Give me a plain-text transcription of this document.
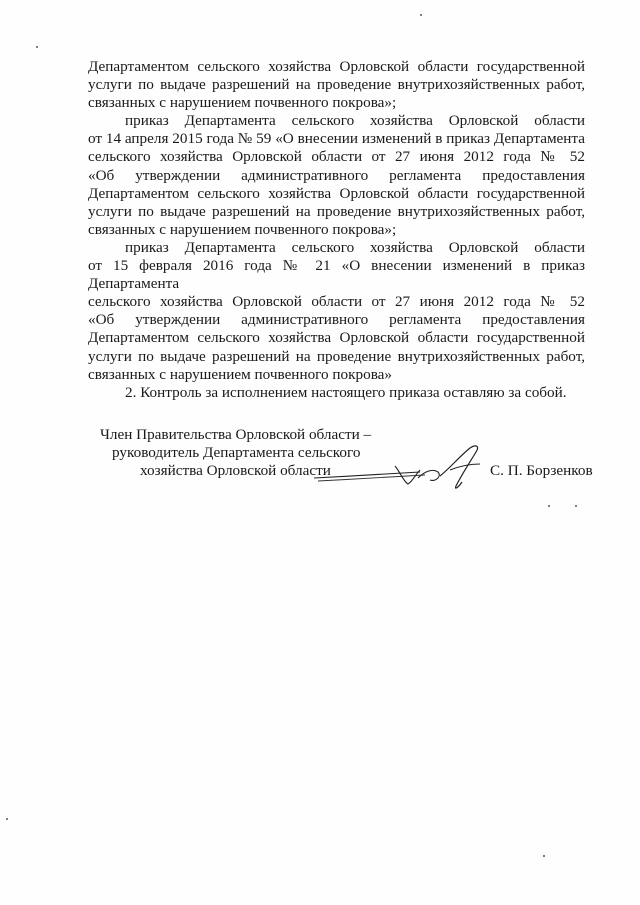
Департаментом сельского хозяйства Орловской области государственной
услуги по выдаче разрешений на проведение внутрихозяйственных работ,
связанных с нарушением почвенного покрова»;
приказ Департамента сельского хозяйства Орловской области
от 14 апреля 2015 года № 59 «О внесении изменений в приказ Департамента
сельского хозяйства Орловской области от 27 июня 2012 года № 52
«Об утверждении административного регламента предоставления
Департаментом сельского хозяйства Орловской области государственной
услуги по выдаче разрешений на проведение внутрихозяйственных работ,
связанных с нарушением почвенного покрова»;
приказ Департамента сельского хозяйства Орловской области
от 15 февраля 2016 года № 21 «О внесении изменений в приказ Департамента
сельского хозяйства Орловской области от 27 июня 2012 года № 52
«Об утверждении административного регламента предоставления
Департаментом сельского хозяйства Орловской области государственной
услуги по выдаче разрешений на проведение внутрихозяйственных работ,
связанных с нарушением почвенного покрова»
2. Контроль за исполнением настоящего приказа оставляю за собой.
Член Правительства Орловской области –
руководитель Департамента сельского
хозяйства Орловской области	С. П. Борзенков
